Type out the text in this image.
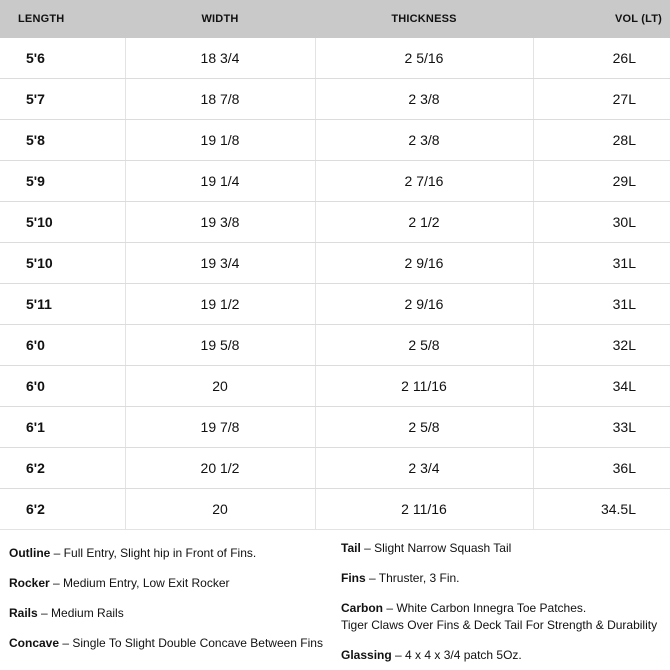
LENGTH	WIDTH	THICKNESS	VOL (LT)
5'6	18 3/4	2 5/16	26L
5'7	18 7/8	2 3/8	27L
5'8	19 1/8	2 3/8	28L
5'9	19 1/4	2 7/16	29L
5'10	19 3/8	2 1/2	30L
5'10	19 3/4	2 9/16	31L
5'11	19 1/2	2 9/16	31L
6'0	19 5/8	2 5/8	32L
6'0	20	2 11/16	34L
6'1	19 7/8	2 5/8	33L
6'2	20 1/2	2 3/4	36L
6'2	20	2 11/16	34.5L
Outline – Full Entry, Slight hip in Front of Fins.
Rocker – Medium Entry, Low Exit Rocker
Rails – Medium Rails
Concave – Single To Slight Double Concave Between Fins
Tail – Slight Narrow Squash Tail
Fins – Thruster, 3 Fin.
Carbon – White Carbon Innegra Toe Patches.
Tiger Claws Over Fins & Deck Tail For Strength & Durability
Glassing – 4 x 4 x 3/4 patch 5Oz.
